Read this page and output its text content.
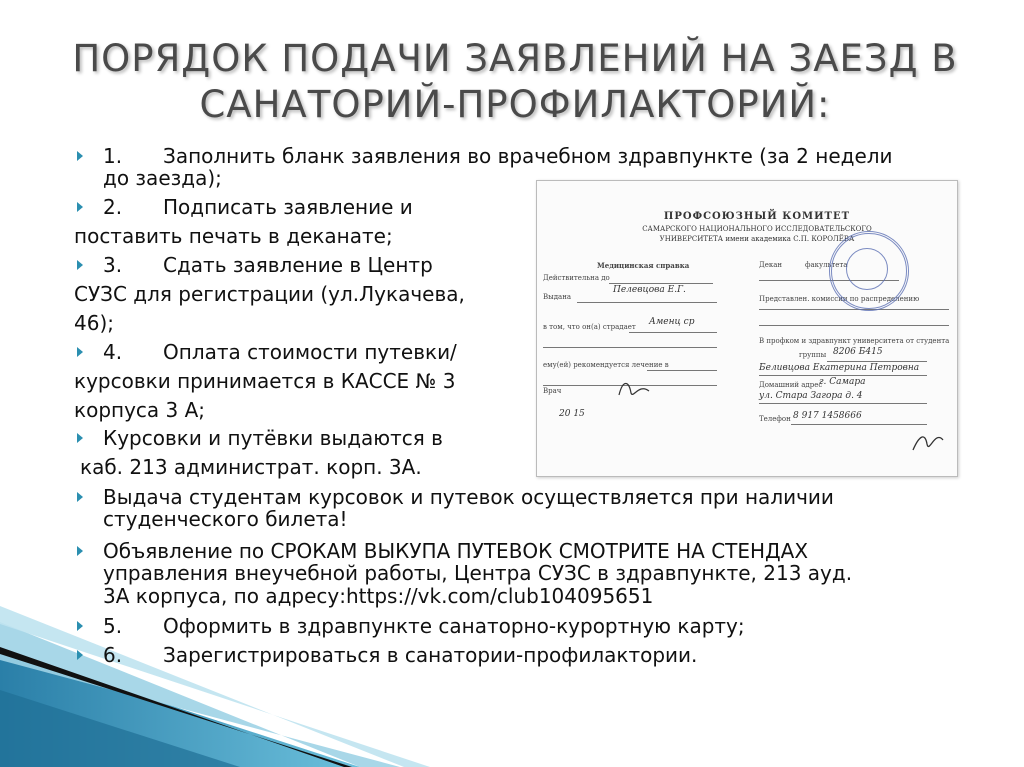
ПОРЯДОК ПОДАЧИ ЗАЯВЛЕНИЙ НА ЗАЕЗД В
САНАТОРИЙ-ПРОФИЛАКТОРИЙ:
1. Заполнить бланк заявления во врачебном здравпункте (за 2 недели
до заезда);
2. Подписать заявление и
поставить печать в деканате;
3. Сдать заявление в Центр
СУЗС для регистрации (ул.Лукачева,
46);
4. Оплата стоимости путевки/
курсовки принимается в КАССЕ № 3
корпуса 3 А;
Курсовки и путёвки выдаются в
каб. 213 администрат. корп. 3А.
Выдача студентам курсовок и путевок осуществляется при наличии
студенческого билета!
Объявление по СРОКАМ ВЫКУПА ПУТЕВОК СМОТРИТЕ НА СТЕНДАХ
управления внеучебной работы, Центра СУЗС в здравпункте, 213 ауд.
3А корпуса, по адресу:https://vk.com/club104095651
5. Оформить в здравпункте санаторно-курортную карту;
6. Зарегистрироваться в санатории-профилактории.
ПРОФСОЮЗНЫЙ КОМИТЕТ
САМАРСКОГО НАЦИОНАЛЬНОГО ИССЛЕДОВАТЕЛЬСКОГО
УНИВЕРСИТЕТА имени академика С.П. КОРОЛЁВА
Медицинская справка
Действительна до
Выдана
Пелевцова Е.Г.
в том, что он(а) страдает Аменц ср
ему(ей) рекомендуется лечение в
Врач
20 15
Декан	факультета
Представлен. комиссии по распределению
В профком и здравпункт университета от студента
группы 8206 Б415
Беливцова Екатерина Петровна
Домашний адрес
г. Самара
ул. Стара Загора д. 4
Телефон 8 917 1458666
